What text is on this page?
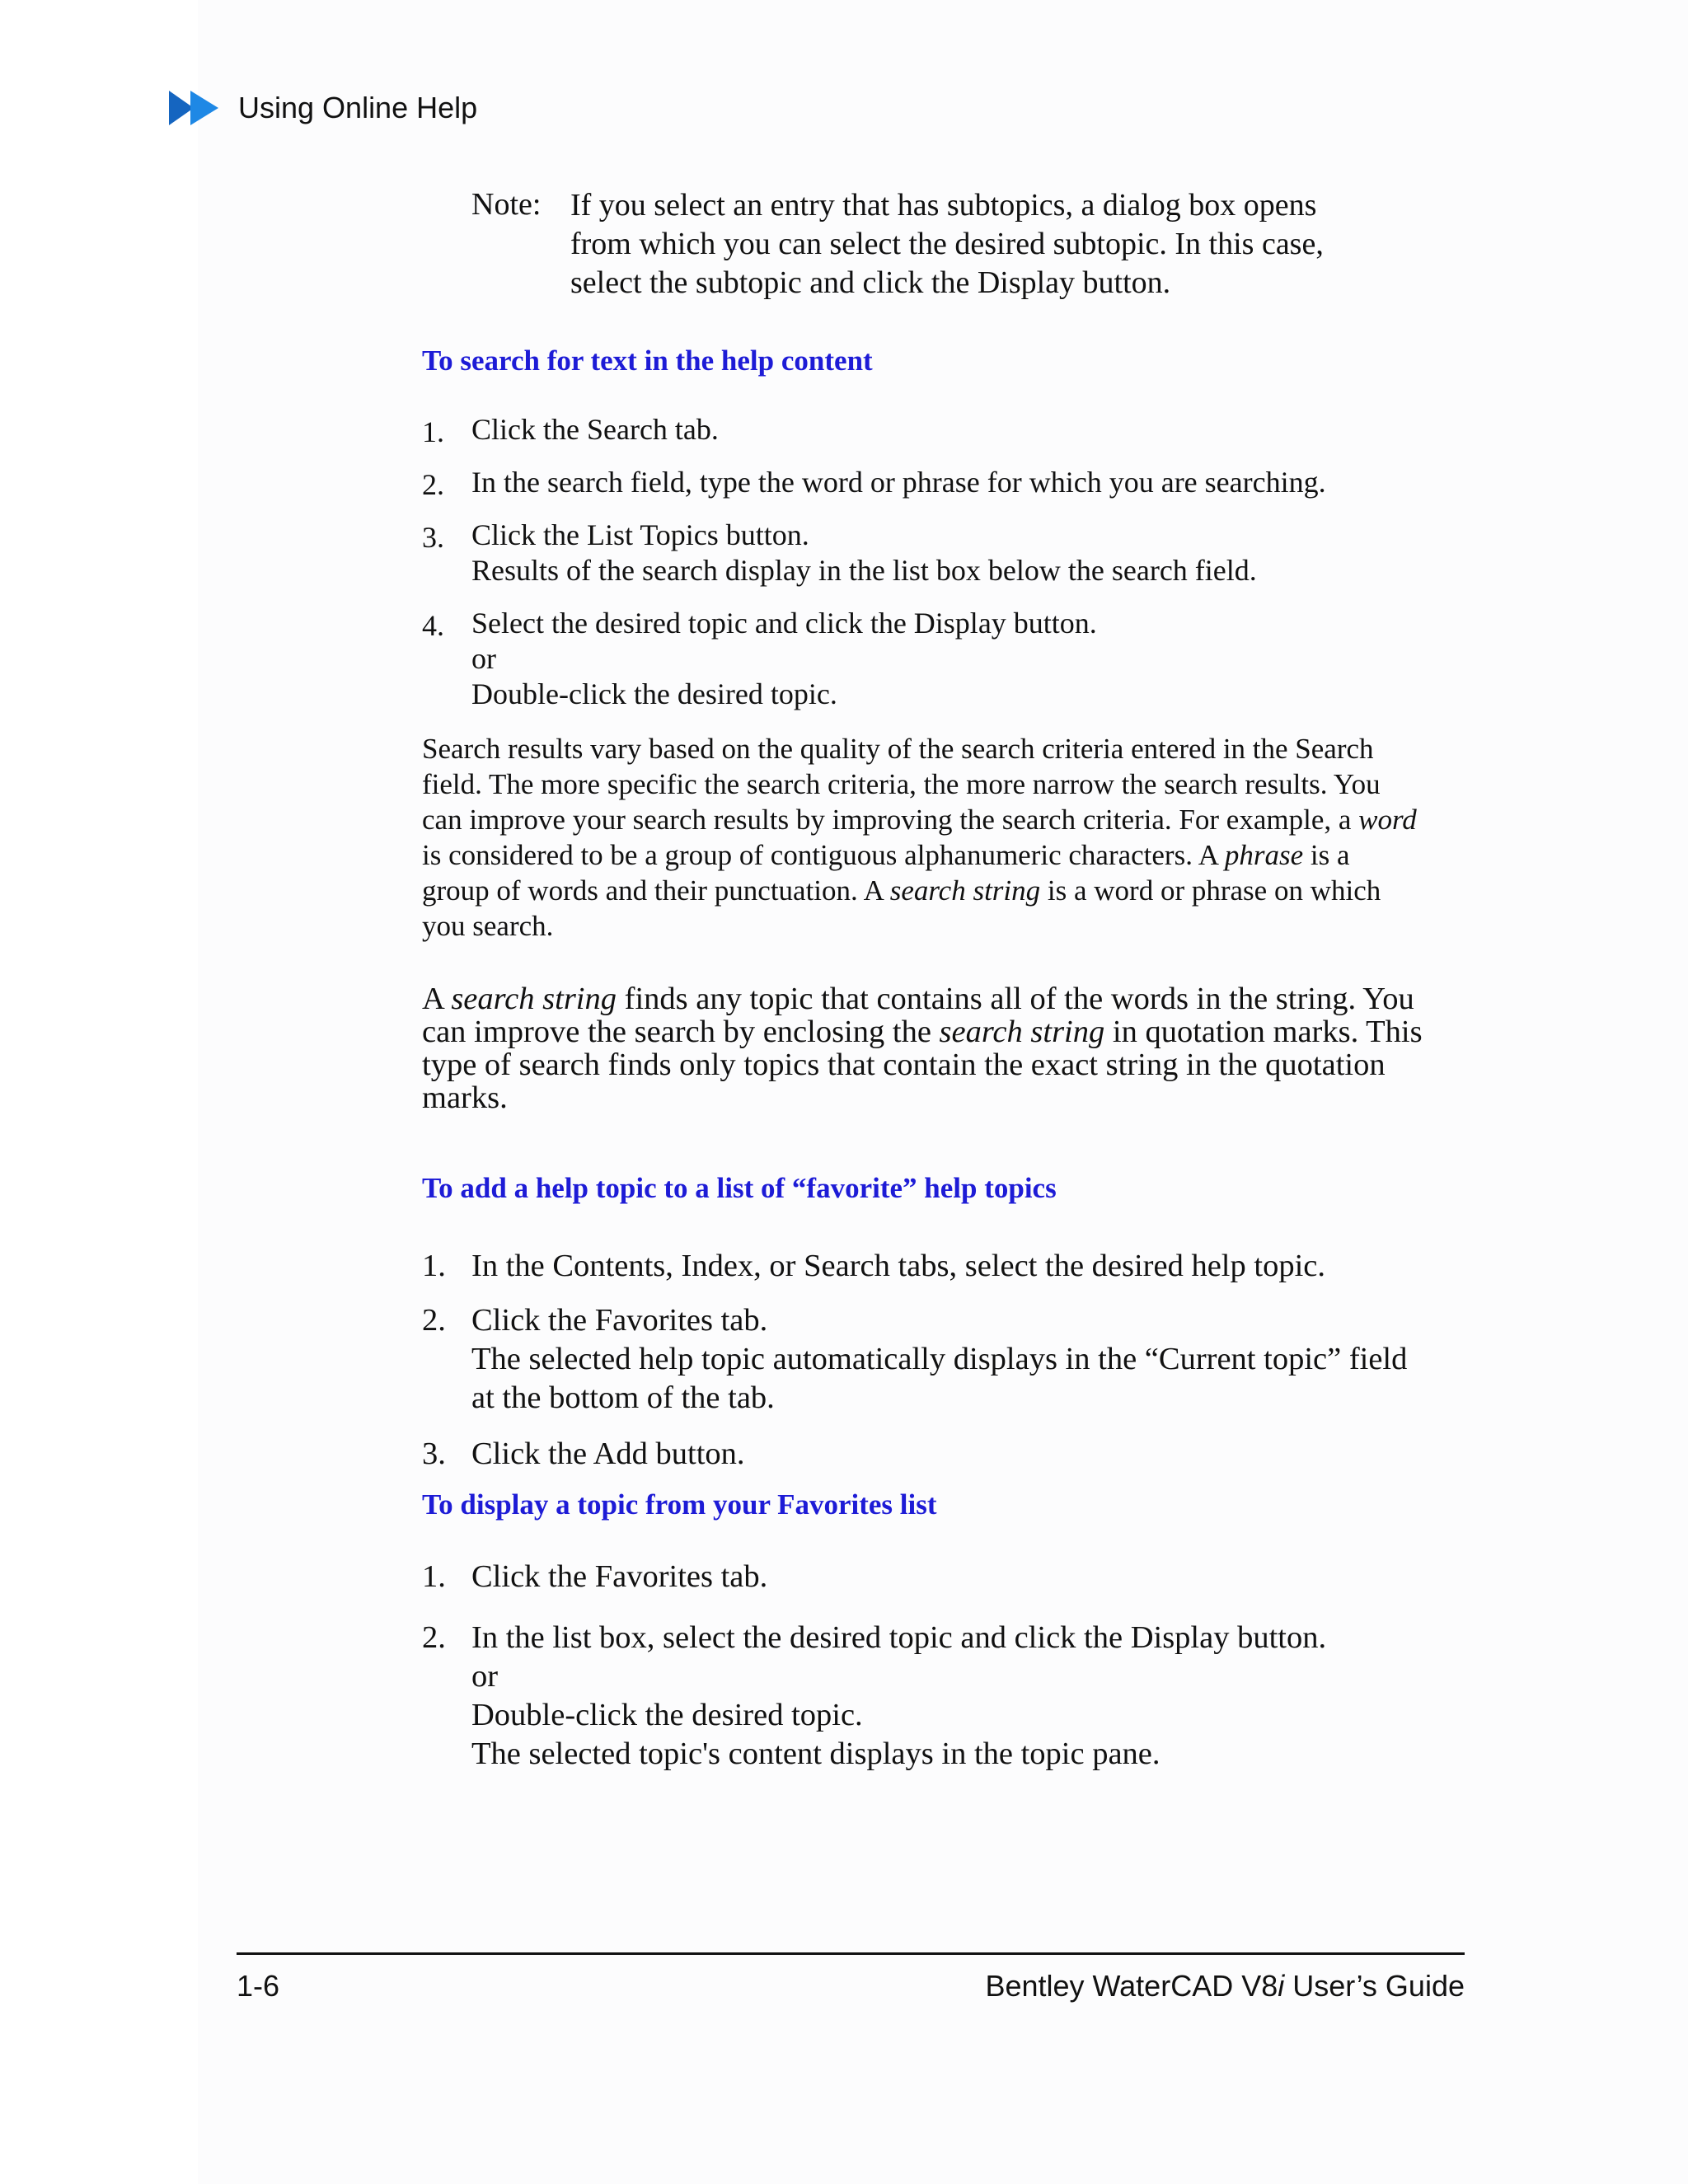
Using Online Help
Note: If you select an entry that has subtopics, a dialog box opens
from which you can select the desired subtopic. In this case,
select the subtopic and click the Display button.
To search for text in the help content
1. Click the Search tab.
2. In the search field, type the word or phrase for which you are searching.
3. Click the List Topics button.
Results of the search display in the list box below the search field.
4. Select the desired topic and click the Display button.
or
Double-click the desired topic.
Search results vary based on the quality of the search criteria entered in the Search
field. The more specific the search criteria, the more narrow the search results. You
can improve your search results by improving the search criteria. For example, a word
is considered to be a group of contiguous alphanumeric characters. A phrase is a
group of words and their punctuation. A search string is a word or phrase on which
you search.
A search string finds any topic that contains all of the words in the string. You
can improve the search by enclosing the search string in quotation marks. This
type of search finds only topics that contain the exact string in the quotation
marks.
To add a help topic to a list of “favorite” help topics
1. In the Contents, Index, or Search tabs, select the desired help topic.
2. Click the Favorites tab.
The selected help topic automatically displays in the “Current topic” field
at the bottom of the tab.
3. Click the Add button.
To display a topic from your Favorites list
1. Click the Favorites tab.
2. In the list box, select the desired topic and click the Display button.
or
Double-click the desired topic.
The selected topic's content displays in the topic pane.
1-6	Bentley WaterCAD V8i User’s Guide
